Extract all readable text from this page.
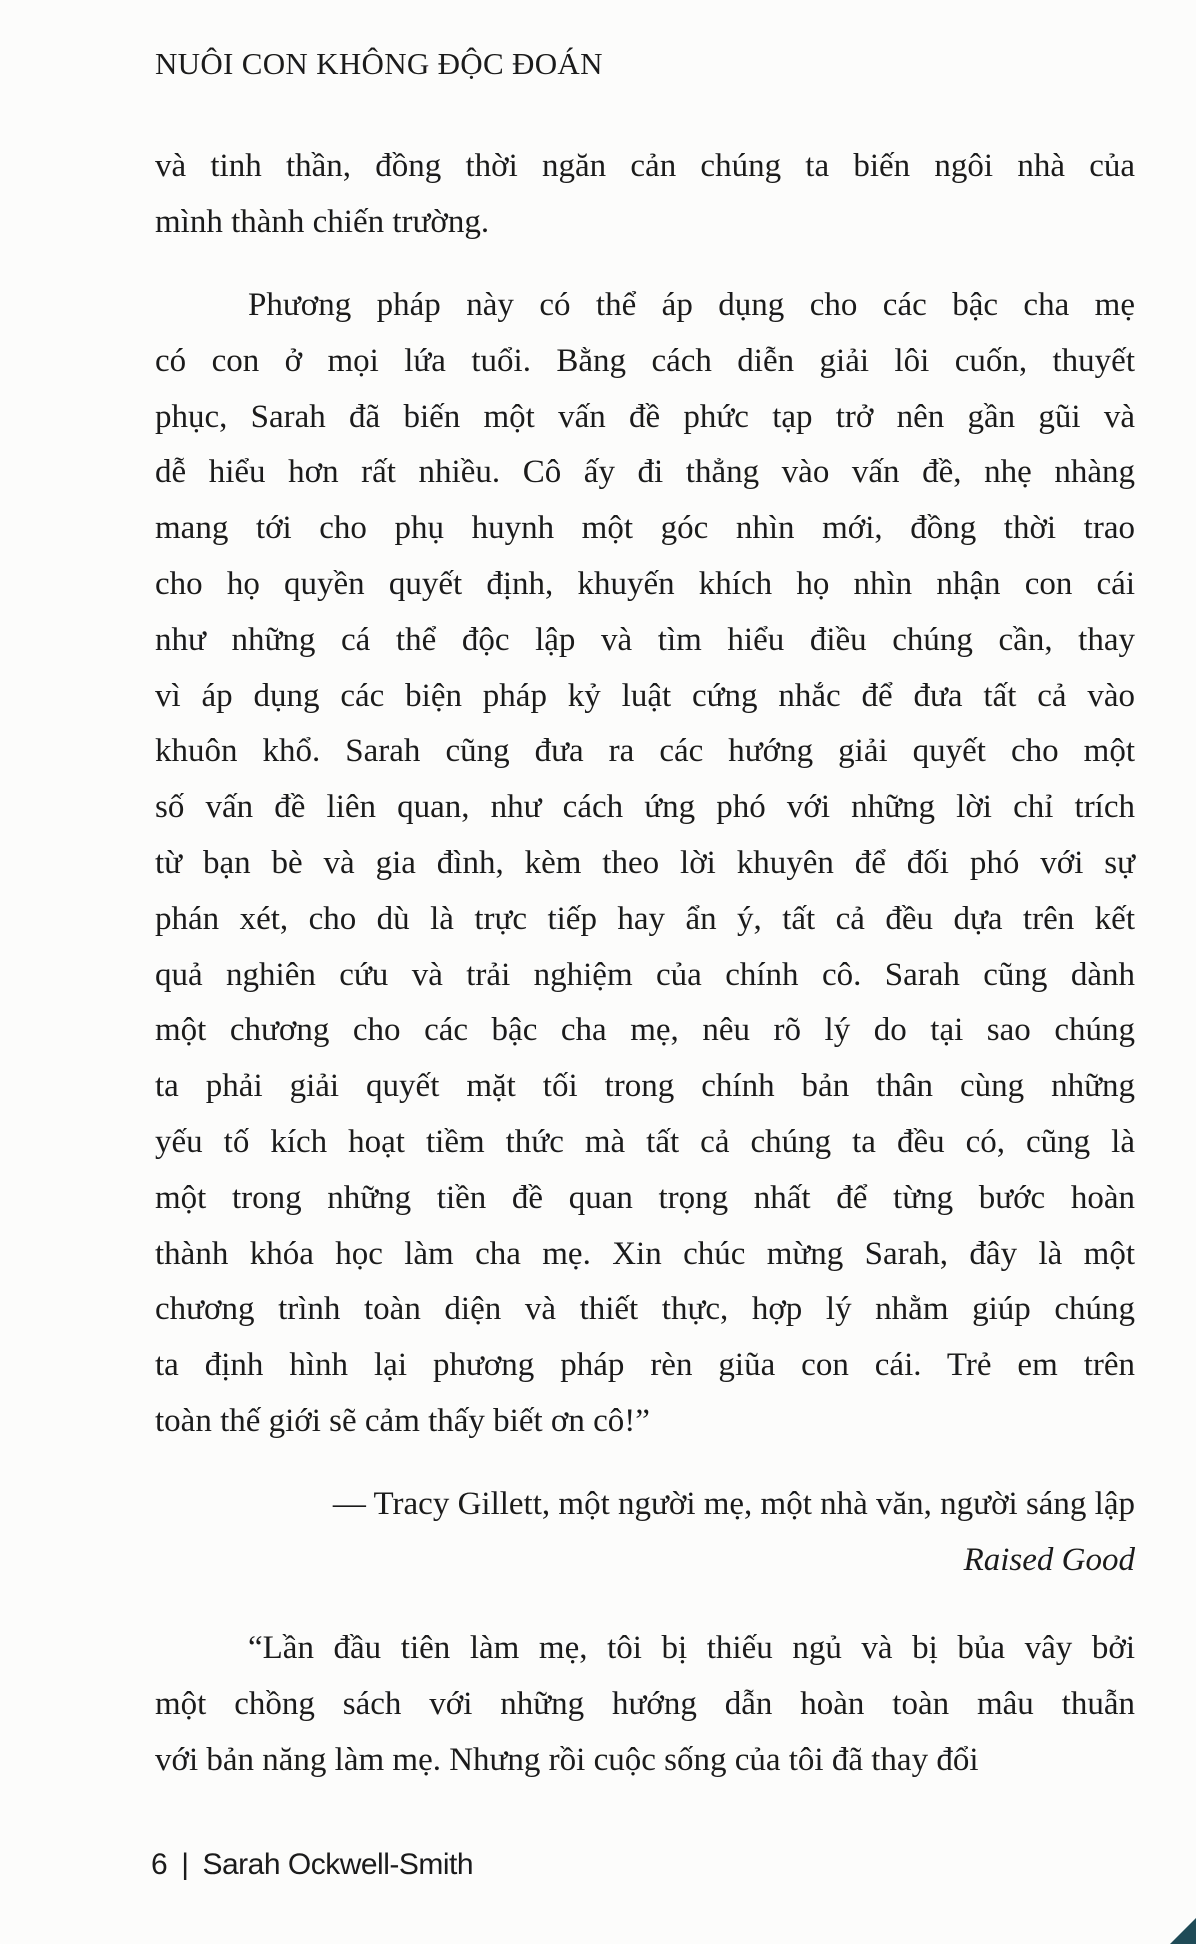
NUÔI CON KHÔNG ĐỘC ĐOÁN
và tinh thần, đồng thời ngăn cản chúng ta biến ngôi nhà của
mình thành chiến trường.
Phương pháp này có thể áp dụng cho các bậc cha mẹ
có con ở mọi lứa tuổi. Bằng cách diễn giải lôi cuốn, thuyết
phục, Sarah đã biến một vấn đề phức tạp trở nên gần gũi và
dễ hiểu hơn rất nhiều. Cô ấy đi thẳng vào vấn đề, nhẹ nhàng
mang tới cho phụ huynh một góc nhìn mới, đồng thời trao
cho họ quyền quyết định, khuyến khích họ nhìn nhận con cái
như những cá thể độc lập và tìm hiểu điều chúng cần, thay
vì áp dụng các biện pháp kỷ luật cứng nhắc để đưa tất cả vào
khuôn khổ. Sarah cũng đưa ra các hướng giải quyết cho một
số vấn đề liên quan, như cách ứng phó với những lời chỉ trích
từ bạn bè và gia đình, kèm theo lời khuyên để đối phó với sự
phán xét, cho dù là trực tiếp hay ẩn ý, tất cả đều dựa trên kết
quả nghiên cứu và trải nghiệm của chính cô. Sarah cũng dành
một chương cho các bậc cha mẹ, nêu rõ lý do tại sao chúng
ta phải giải quyết mặt tối trong chính bản thân cùng những
yếu tố kích hoạt tiềm thức mà tất cả chúng ta đều có, cũng là
một trong những tiền đề quan trọng nhất để từng bước hoàn
thành khóa học làm cha mẹ. Xin chúc mừng Sarah, đây là một
chương trình toàn diện và thiết thực, hợp lý nhằm giúp chúng
ta định hình lại phương pháp rèn giũa con cái. Trẻ em trên
toàn thế giới sẽ cảm thấy biết ơn cô!”
— Tracy Gillett, một người mẹ, một nhà văn, người sáng lập
Raised Good
“Lần đầu tiên làm mẹ, tôi bị thiếu ngủ và bị bủa vây bởi
một chồng sách với những hướng dẫn hoàn toàn mâu thuẫn
với bản năng làm mẹ. Nhưng rồi cuộc sống của tôi đã thay đổi
6 | Sarah Ockwell-Smith
